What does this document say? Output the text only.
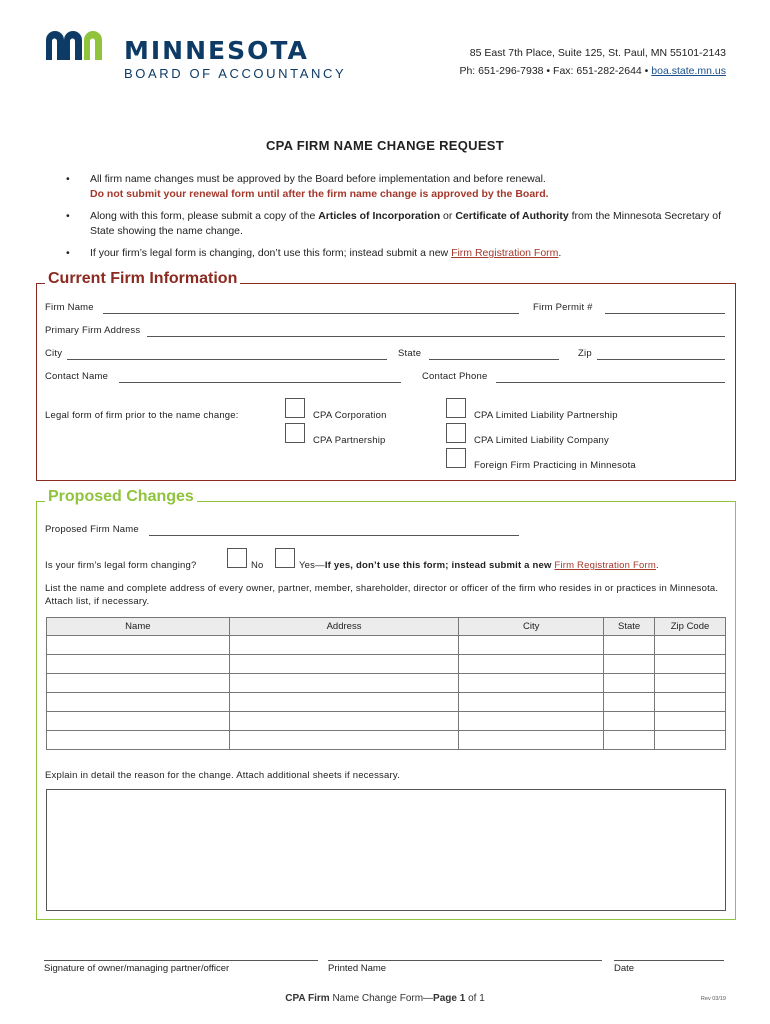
MINNESOTA
BOARD OF ACCOUNTANCY
85 East 7th Place, Suite 125, St. Paul, MN 55101-2143
Ph: 651-296-7938 • Fax: 651-282-2644 • boa.state.mn.us
CPA FIRM NAME CHANGE REQUEST
• All firm name changes must be approved by the Board before implementation and before renewal.
Do not submit your renewal form until after the firm name change is approved by the Board.
• Along with this form, please submit a copy of the Articles of Incorporation or Certificate of Authority from the Minnesota Secretary of State showing the name change.
• If your firm’s legal form is changing, don’t use this form; instead submit a new Firm Registration Form.
Current Firm Information
Firm Name	Firm Permit #
Primary Firm Address
City	State	Zip
Contact Name	Contact Phone
Legal form of firm prior to the name change:	CPA Corporation
CPA Partnership
CPA Limited Liability Partnership
CPA Limited Liability Company
Foreign Firm Practicing in Minnesota
Proposed Changes
Proposed Firm Name
Is your firm’s legal form changing?	No	Yes—If yes, don’t use this form; instead submit a new Firm Registration Form.
List the name and complete address of every owner, partner, member, shareholder, director or officer of the firm who resides in or practices in Minnesota. Attach list, if necessary.
Name	Address	City	State	Zip Code

Explain in detail the reason for the change. Attach additional sheets if necessary.
Signature of owner/managing partner/officer	Printed Name	Date
CPA Firm Name Change Form—Page 1 of 1	Rev 03/19
